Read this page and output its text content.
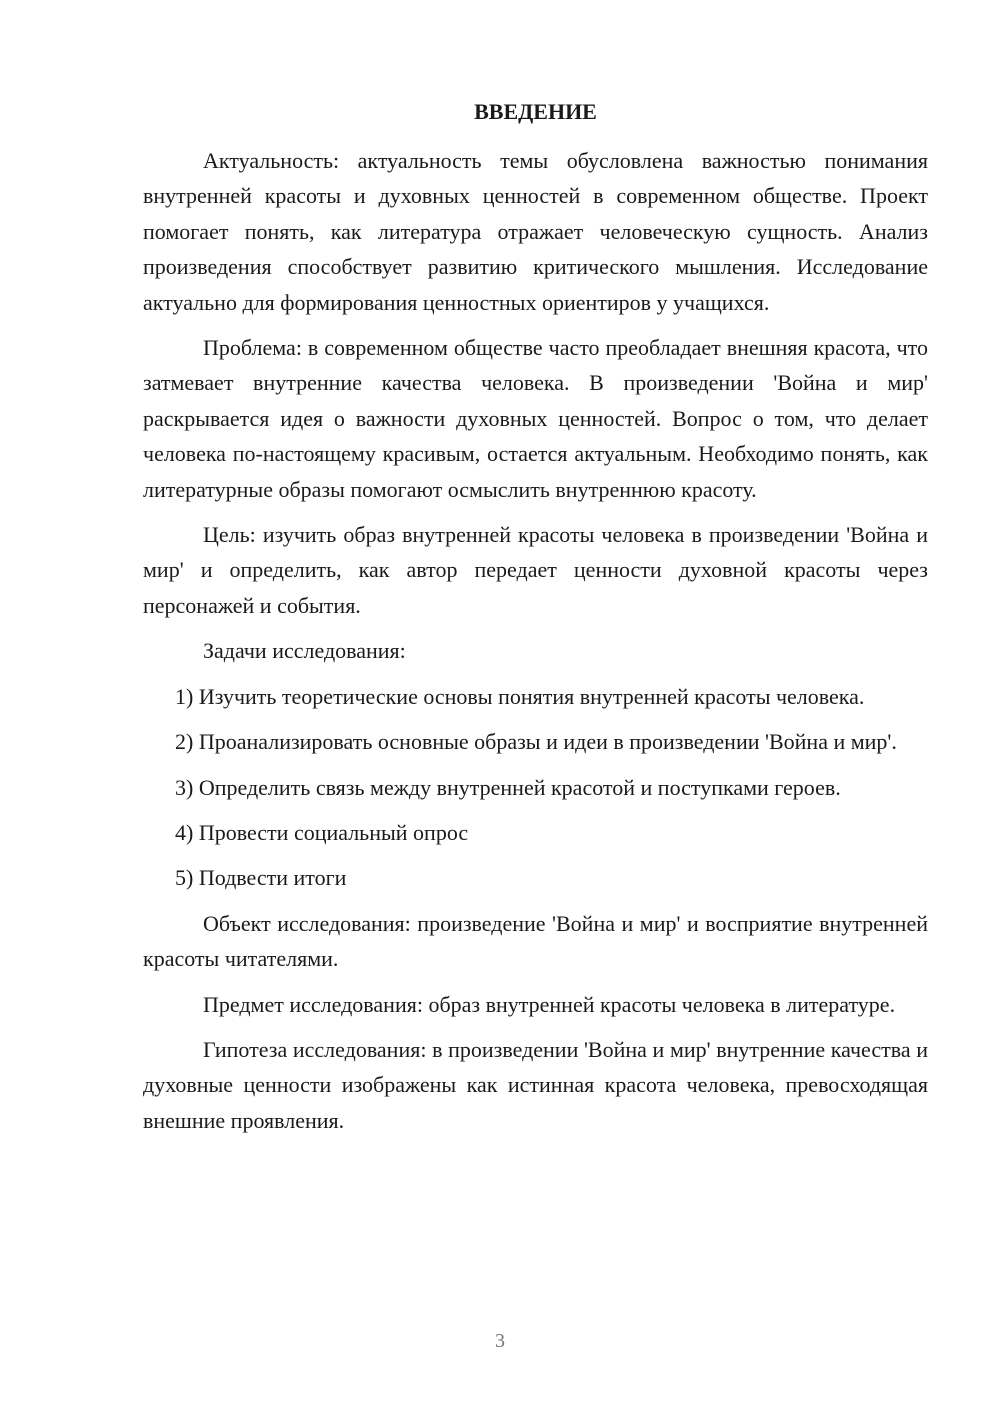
ВВЕДЕНИЕ

Актуальность: актуальность темы обусловлена важностью понимания внутренней красоты и духовных ценностей в современном обществе. Проект помогает понять, как литература отражает человеческую сущность. Анализ произведения способствует развитию критического мышления. Исследование актуально для формирования ценностных ориентиров у учащихся.

Проблема: в современном обществе часто преобладает внешняя красота, что затмевает внутренние качества человека. В произведении 'Война и мир' раскрывается идея о важности духовных ценностей. Вопрос о том, что делает человека по-настоящему красивым, остается актуальным. Необходимо понять, как литературные образы помогают осмыслить внутреннюю красоту.

Цель: изучить образ внутренней красоты человека в произведении 'Война и мир' и определить, как автор передает ценности духовной красоты через персонажей и события.

Задачи исследования:

1) Изучить теоретические основы понятия внутренней красоты человека.

2) Проанализировать основные образы и идеи в произведении 'Война и мир'.

3) Определить связь между внутренней красотой и поступками героев.

4) Провести социальный опрос

5) Подвести итоги

Объект исследования: произведение 'Война и мир' и восприятие внутренней красоты читателями.

Предмет исследования: образ внутренней красоты человека в литературе.

Гипотеза исследования: в произведении 'Война и мир' внутренние качества и духовные ценности изображены как истинная красота человека, превосходящая внешние проявления.

3
